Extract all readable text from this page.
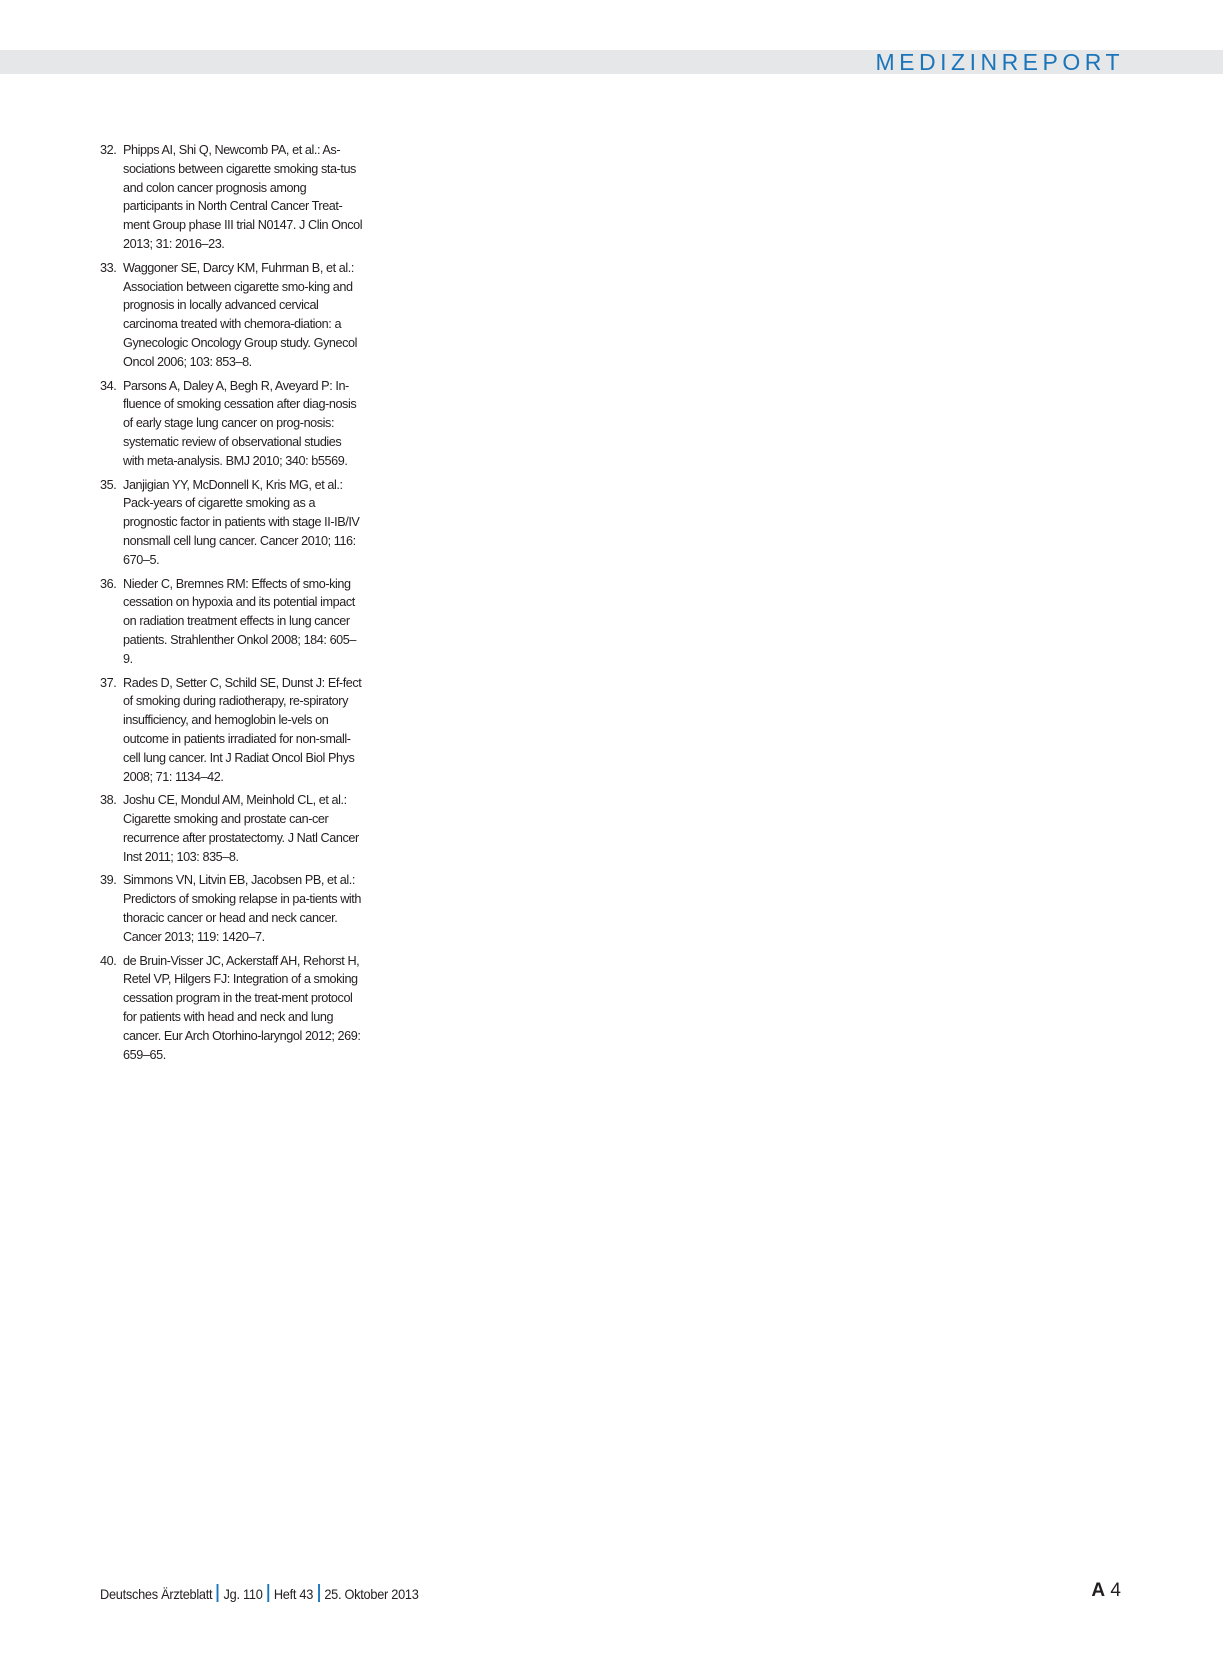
MEDIZINREPORT
32. Phipps AI, Shi Q, Newcomb PA, et al.: As-sociations between cigarette smoking sta-tus and colon cancer prognosis among participants in North Central Cancer Treat-ment Group phase III trial N0147. J Clin Oncol 2013; 31: 2016–23.
33. Waggoner SE, Darcy KM, Fuhrman B, et al.: Association between cigarette smo-king and prognosis in locally advanced cervical carcinoma treated with chemora-diation: a Gynecologic Oncology Group study. Gynecol Oncol 2006; 103: 853–8.
34. Parsons A, Daley A, Begh R, Aveyard P: In-fluence of smoking cessation after diag-nosis of early stage lung cancer on prog-nosis: systematic review of observational studies with meta-analysis. BMJ 2010; 340: b5569.
35. Janjigian YY, McDonnell K, Kris MG, et al.: Pack-years of cigarette smoking as a prognostic factor in patients with stage II-IB/IV nonsmall cell lung cancer. Cancer 2010; 116: 670–5.
36. Nieder C, Bremnes RM: Effects of smo-king cessation on hypoxia and its potential impact on radiation treatment effects in lung cancer patients. Strahlenther Onkol 2008; 184: 605–9.
37. Rades D, Setter C, Schild SE, Dunst J: Ef-fect of smoking during radiotherapy, re-spiratory insufficiency, and hemoglobin le-vels on outcome in patients irradiated for non-small-cell lung cancer. Int J Radiat Oncol Biol Phys 2008; 71: 1134–42.
38. Joshu CE, Mondul AM, Meinhold CL, et al.: Cigarette smoking and prostate can-cer recurrence after prostatectomy. J Natl Cancer Inst 2011; 103: 835–8.
39. Simmons VN, Litvin EB, Jacobsen PB, et al.: Predictors of smoking relapse in pa-tients with thoracic cancer or head and neck cancer. Cancer 2013; 119: 1420–7.
40. de Bruin-Visser JC, Ackerstaff AH, Rehorst H, Retel VP, Hilgers FJ: Integration of a smoking cessation program in the treat-ment protocol for patients with head and neck and lung cancer. Eur Arch Otorhino-laryngol 2012; 269: 659–65.
Deutsches Ärzteblatt Jg. 110 Heft 43 25. Oktober 2013	A 4
